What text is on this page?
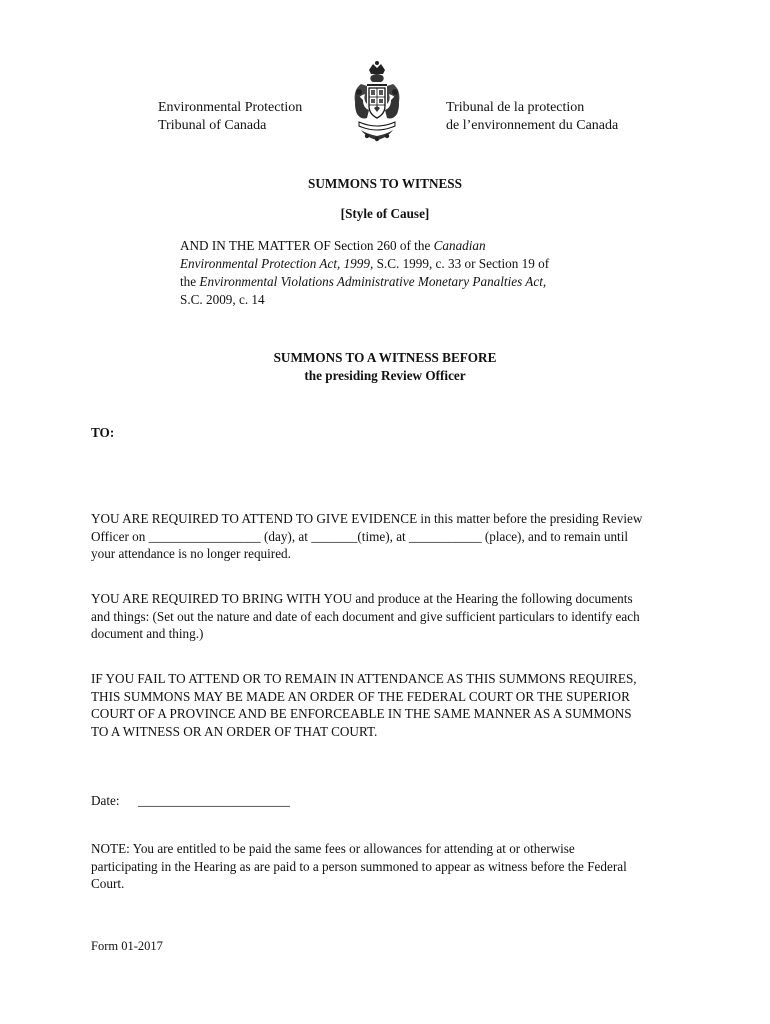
Environmental Protection
Tribunal of Canada
Tribunal de la protection
de l’environnement du Canada
SUMMONS TO WITNESS
[Style of Cause]
AND IN THE MATTER OF Section 260 of the Canadian
Environmental Protection Act, 1999, S.C. 1999, c. 33 or Section 19 of
the Environmental Violations Administrative Monetary Panalties Act,
S.C. 2009, c. 14
SUMMONS TO A WITNESS BEFORE
the presiding Review Officer
TO:
YOU ARE REQUIRED TO ATTEND TO GIVE EVIDENCE in this matter before the presiding Review
Officer on _________________ (day), at _______(time), at ___________ (place), and to remain until
your attendance is no longer required.
YOU ARE REQUIRED TO BRING WITH YOU and produce at the Hearing the following documents
and things: (Set out the nature and date of each document and give sufficient particulars to identify each
document and thing.)
IF YOU FAIL TO ATTEND OR TO REMAIN IN ATTENDANCE AS THIS SUMMONS REQUIRES,
THIS SUMMONS MAY BE MADE AN ORDER OF THE FEDERAL COURT OR THE SUPERIOR
COURT OF A PROVINCE AND BE ENFORCEABLE IN THE SAME MANNER AS A SUMMONS
TO A WITNESS OR AN ORDER OF THAT COURT.
Date: _______________________
NOTE: You are entitled to be paid the same fees or allowances for attending at or otherwise
participating in the Hearing as are paid to a person summoned to appear as witness before the Federal
Court.
Form 01-2017
